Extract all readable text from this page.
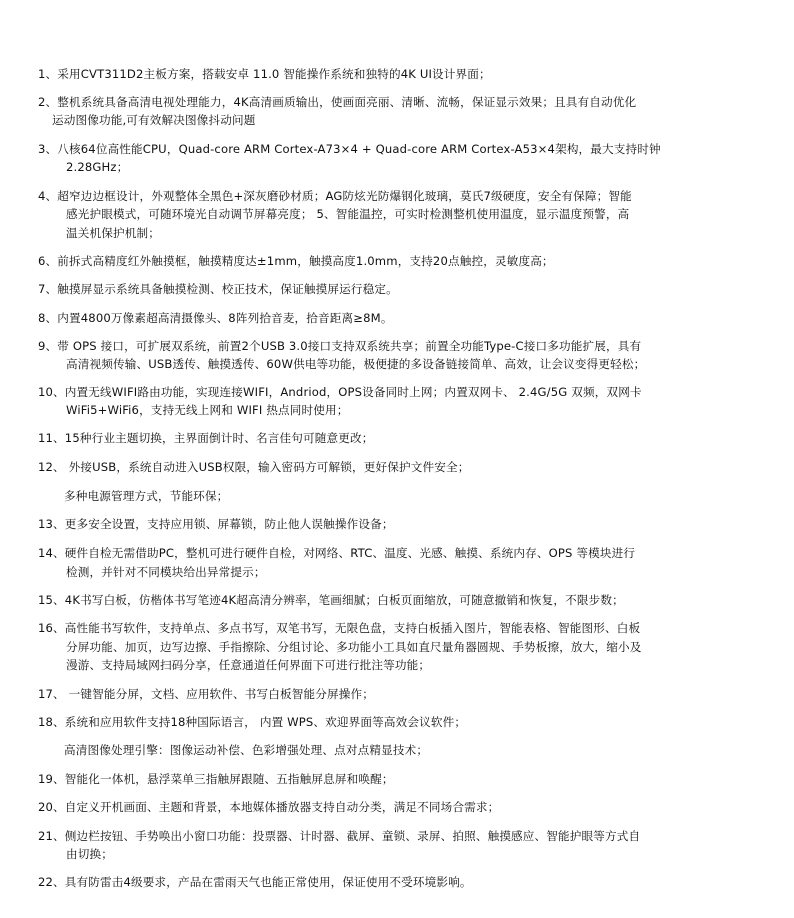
1、采用CVT311D2主板方案，搭载安卓 11.0 智能操作系统和独特的4K UI设计界面；
2、整机系统具备高清电视处理能力，4K高清画质输出，使画面亮丽、清晰、流畅，保证显示效果；且具有自动优化
运动图像功能,可有效解决图像抖动问题
3、八核64位高性能CPU，Quad-core ARM Cortex-A73×4 + Quad-core ARM Cortex-A53×4架构，最大支持时钟
2.28GHz；
4、超窄边边框设计，外观整体全黑色+深灰磨砂材质；AG防炫光防爆钢化玻璃，莫氏7级硬度，安全有保障；智能
感光护眼模式，可随环境光自动调节屏幕亮度； 5、智能温控，可实时检测整机使用温度，显示温度预警，高
温关机保护机制；
6、前拆式高精度红外触摸框，触摸精度达±1mm，触摸高度1.0mm，支持20点触控，灵敏度高；
7、触摸屏显示系统具备触摸检测、校正技术，保证触摸屏运行稳定。
8、内置4800万像素超高清摄像头、8阵列拾音麦，拾音距离≥8M。
9、带 OPS 接口，可扩展双系统，前置2个USB 3.0接口支持双系统共享；前置全功能Type-C接口多功能扩展，具有
高清视频传输、USB透传、触摸透传、60W供电等功能，极便捷的多设备链接简单、高效，让会议变得更轻松；
10、内置无线WIFI路由功能，实现连接WIFI，Andriod，OPS设备同时上网；内置双网卡、 2.4G/5G 双频，双网卡
WiFi5+WiFi6，支持无线上网和 WIFI 热点同时使用；
11、15种行业主题切换，主界面倒计时、名言佳句可随意更改；
12、 外接USB，系统自动进入USB权限，输入密码方可解锁，更好保护文件安全；
多种电源管理方式，节能环保；
13、更多安全设置，支持应用锁、屏幕锁，防止他人误触操作设备；
14、硬件自检无需借助PC，整机可进行硬件自检，对网络、RTC、温度、光感、触摸、系统内存、OPS 等模块进行
检测，并针对不同模块给出异常提示；
15、4K书写白板，仿楷体书写笔迹4K超高清分辨率，笔画细腻；白板页面缩放，可随意撤销和恢复，不限步数；
16、高性能书写软件，支持单点、多点书写，双笔书写，无限色盘，支持白板插入图片，智能表格、智能图形、白板
分屏功能、加页，边写边擦、手指擦除、分组讨论、多功能小工具如直尺量角器圆规、手势板擦，放大，缩小及
漫游、支持局域网扫码分享，任意通道任何界面下可进行批注等功能；
17、 一键智能分屏，文档、应用软件、书写白板智能分屏操作；
18、系统和应用软件支持18种国际语言， 内置 WPS、欢迎界面等高效会议软件；
高清图像处理引擎：图像运动补偿、色彩增强处理、点对点精显技术；
19、智能化一体机，悬浮菜单三指触屏跟随、五指触屏息屏和唤醒；
20、自定义开机画面、主题和背景，本地媒体播放器支持自动分类，满足不同场合需求；
21、侧边栏按钮、手势唤出小窗口功能：投票器、计时器、截屏、童锁、录屏、拍照、触摸感应、智能护眼等方式自
由切换；
22、具有防雷击4级要求，产品在雷雨天气也能正常使用，保证使用不受环境影响。
